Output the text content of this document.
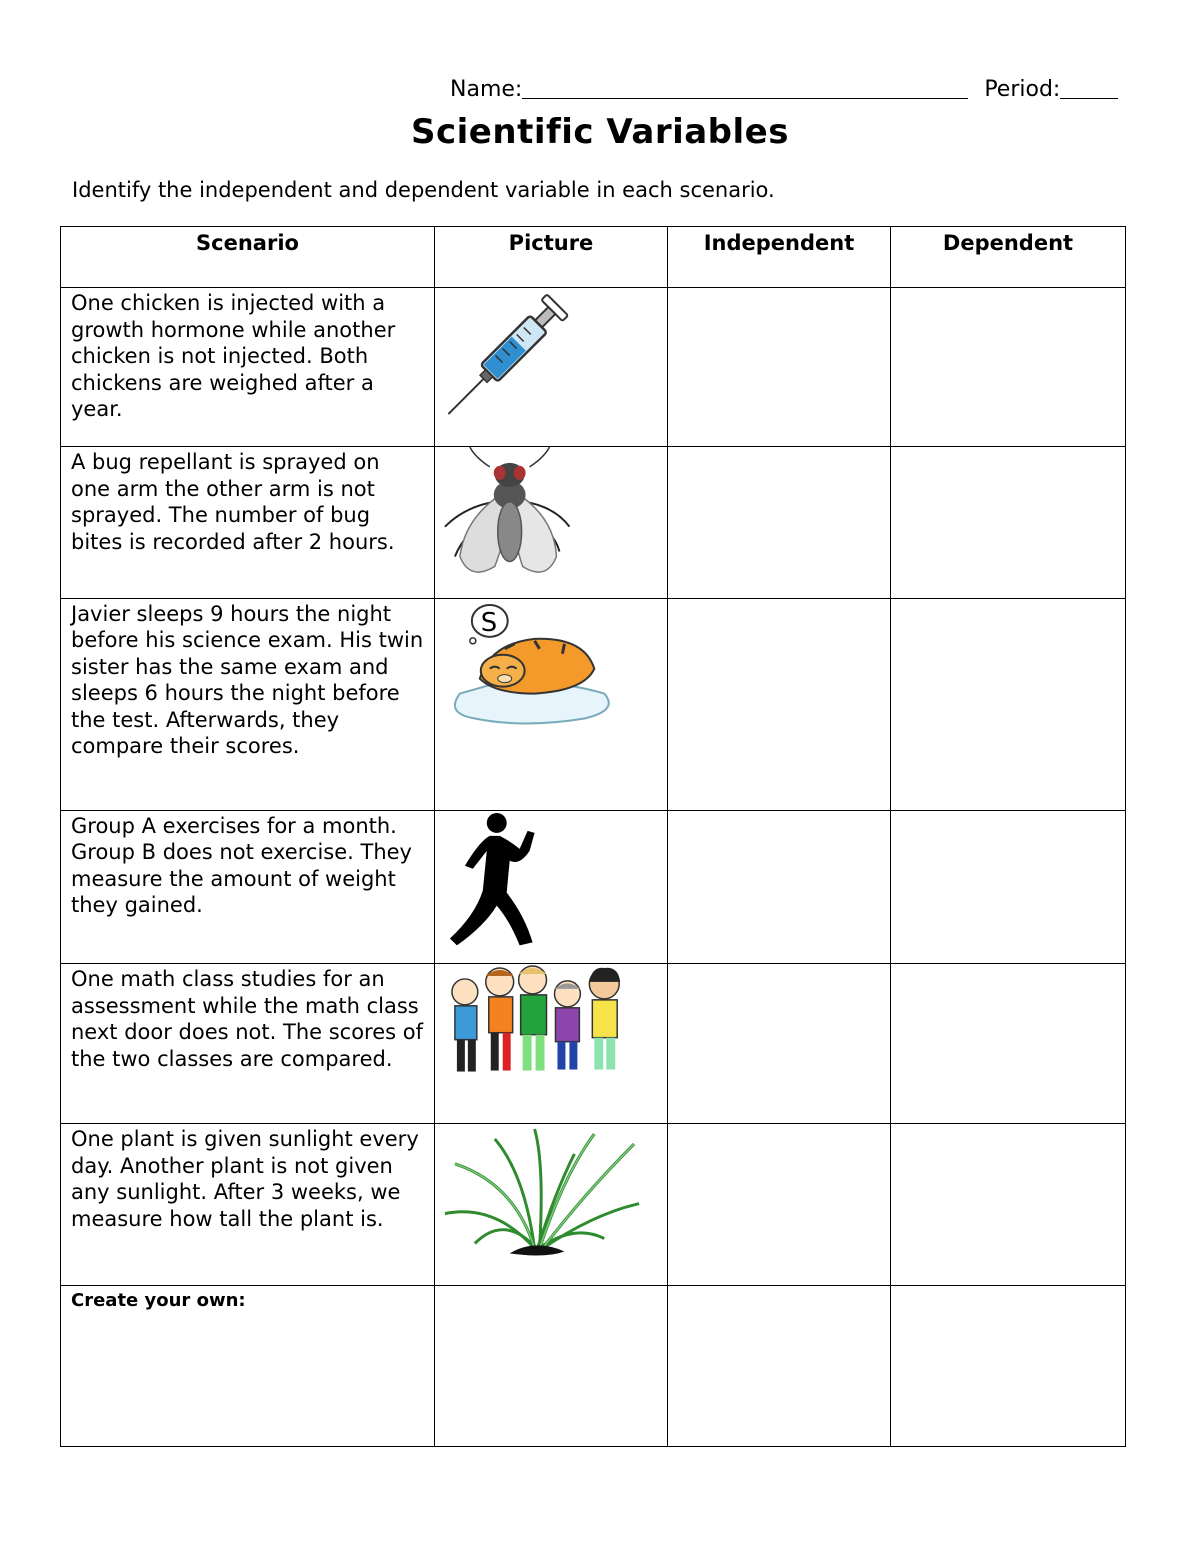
Name:	Period:
Scientific Variables
Identify the independent and dependent variable in each scenario.
Scenario	Picture	Independent	Dependent
One chicken is injected with a growth hormone while another chicken is not injected. Both chickens are weighed after a year.	

A bug repellant is sprayed on one arm the other arm is not sprayed. The number of bug bites is recorded after 2 hours.	

Javier sleeps 9 hours the night before his science exam. His twin sister has the same exam and sleeps 6 hours the night before the test. Afterwards, they compare their scores.	S		

Group A exercises for a month. Group B does not exercise. They measure the amount of weight they gained.	

One math class studies for an assessment while the math class next door does not. The scores of the two classes are compared.	

One plant is given sunlight every day. Another plant is not given any sunlight. After 3 weeks, we measure how tall the plant is.	

Create your own:			
